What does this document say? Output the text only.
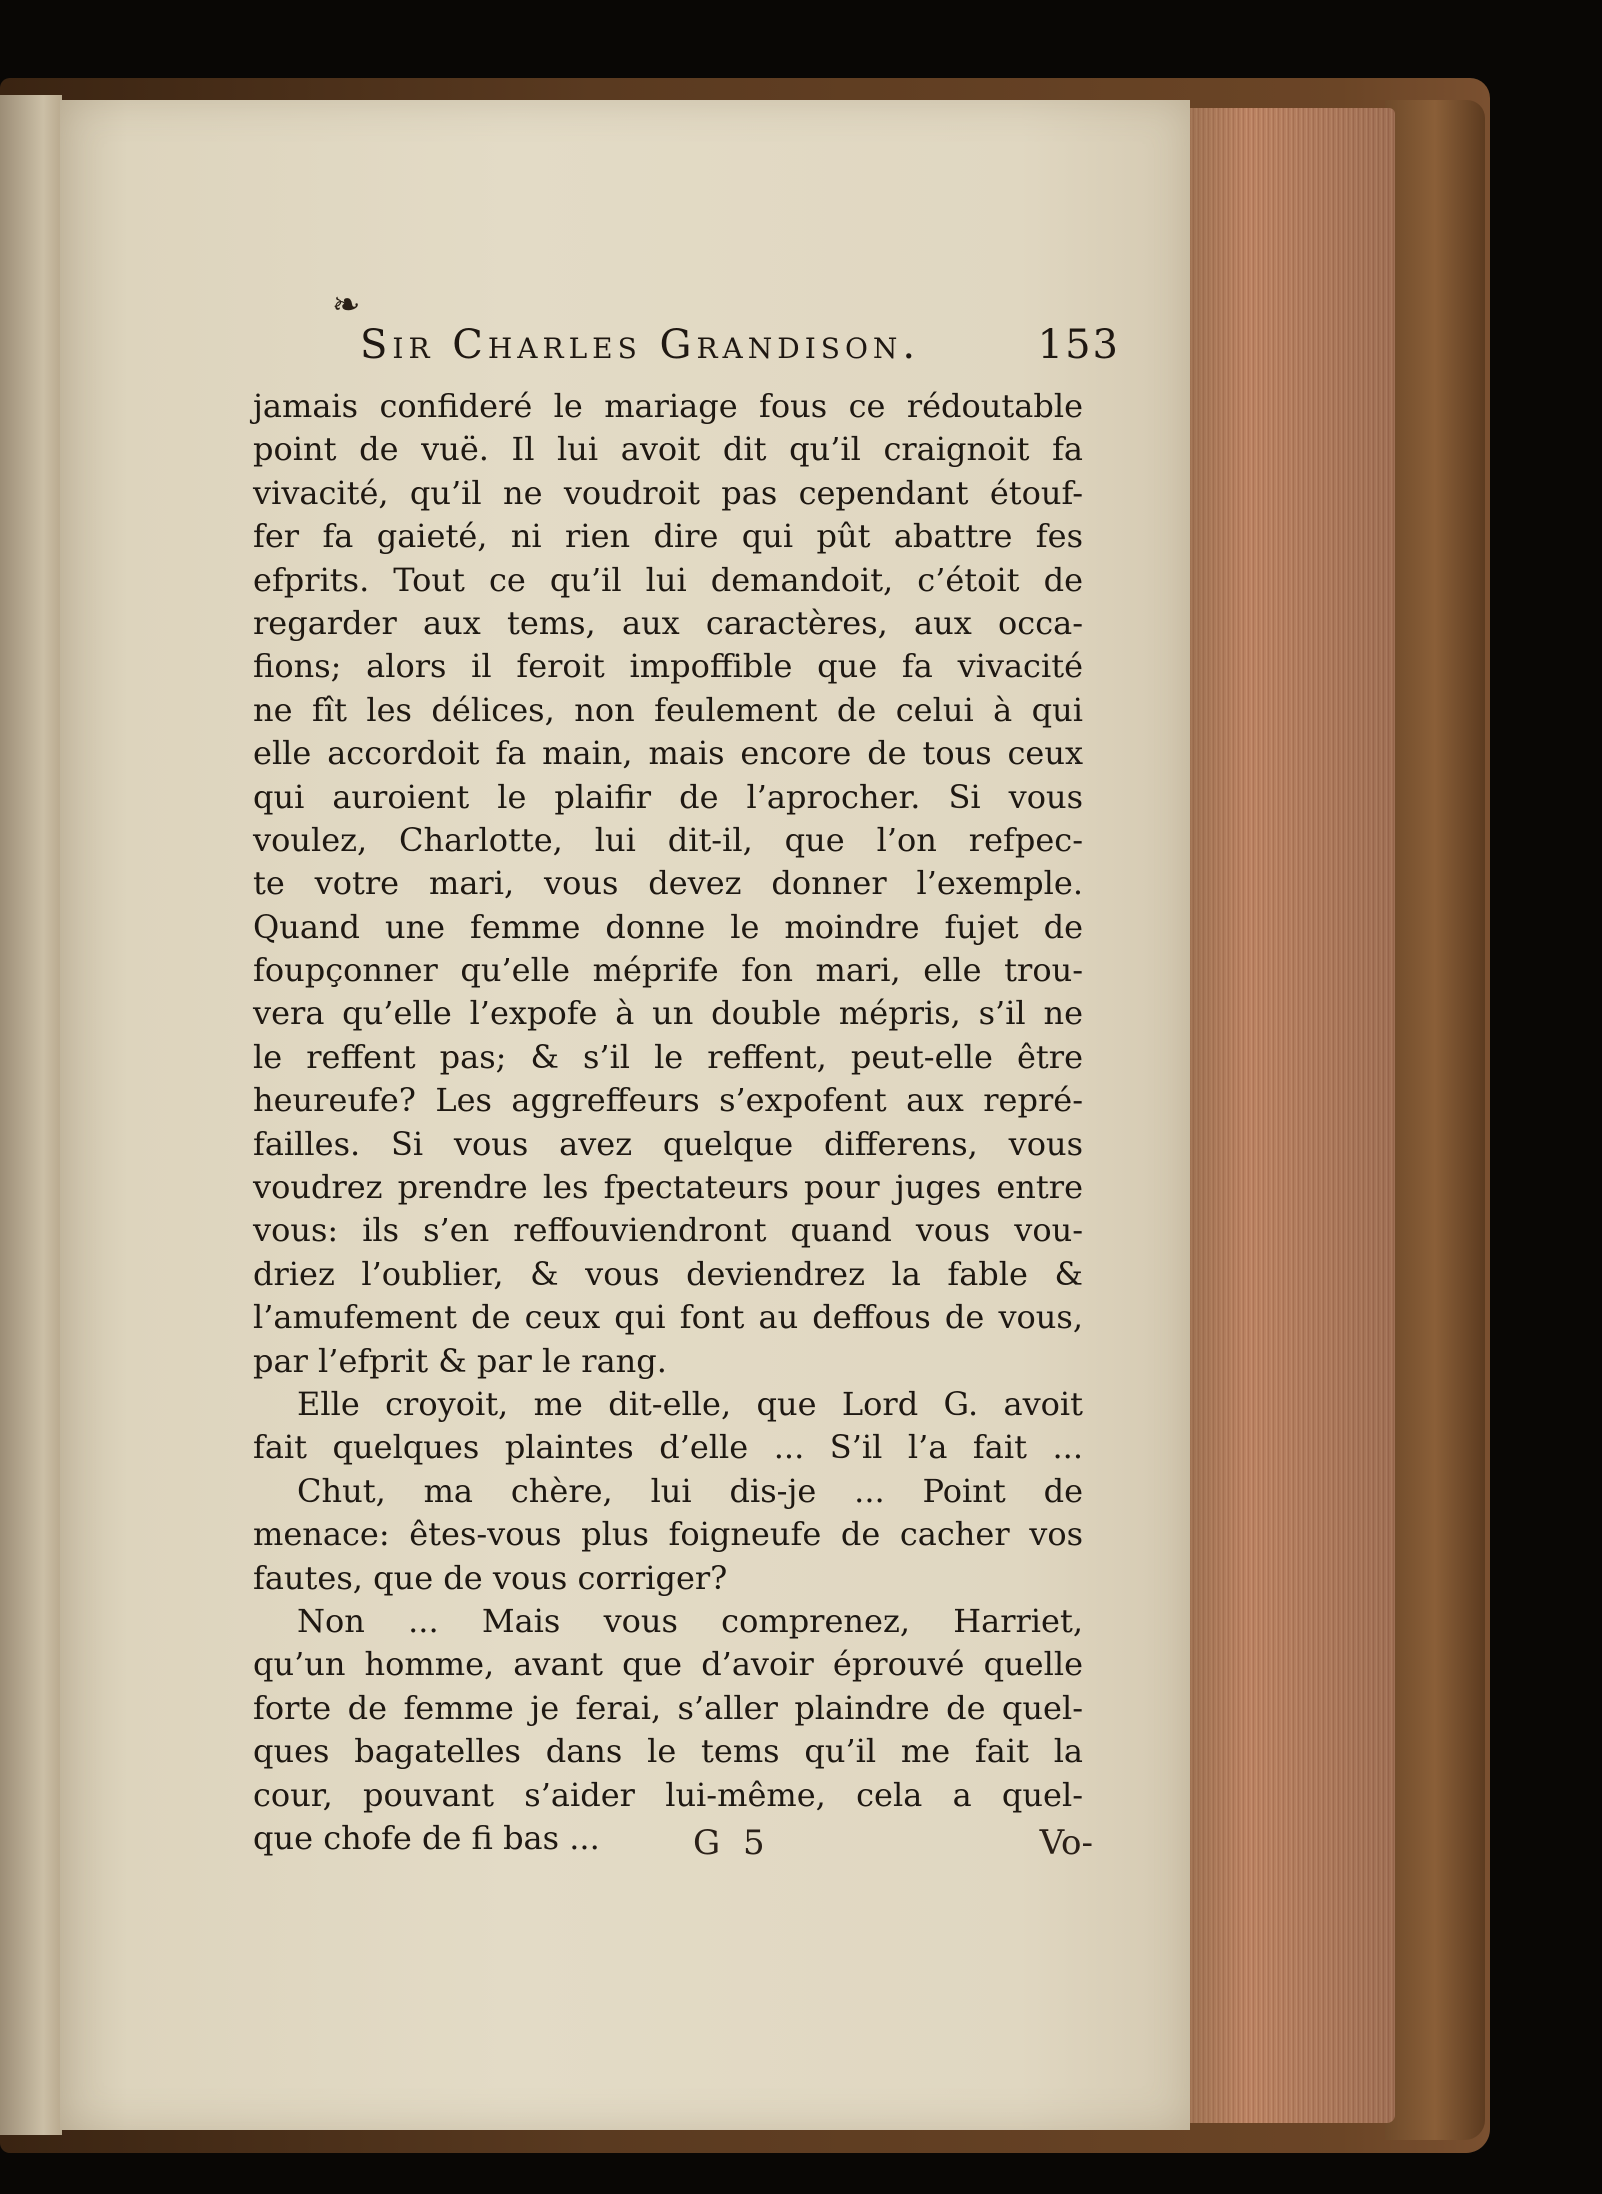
❧
Sir Charles Grandison.	153
jamais confideré le mariage fous ce rédoutable
point de vuë. Il lui avoit dit qu’il craignoit fa
vivacité, qu’il ne voudroit pas cependant étouf-
fer fa gaieté, ni rien dire qui pût abattre fes
efprits. Tout ce qu’il lui demandoit, c’étoit de
regarder aux tems, aux caractères, aux occa-
fions; alors il feroit impoffible que fa vivacité
ne fît les délices, non feulement de celui à qui
elle accordoit fa main, mais encore de tous ceux
qui auroient le plaifir de l’aprocher. Si vous
voulez, Charlotte, lui dit-il, que l’on refpec-
te votre mari, vous devez donner l’exemple.
Quand une femme donne le moindre fujet de
foupçonner qu’elle méprife fon mari, elle trou-
vera qu’elle l’expofe à un double mépris, s’il ne
le reffent pas; & s’il le reffent, peut-elle être
heureufe? Les aggreffeurs s’expofent aux repré-
failles. Si vous avez quelque differens, vous
voudrez prendre les fpectateurs pour juges entre
vous: ils s’en reffouviendront quand vous vou-
driez l’oublier, & vous deviendrez la fable &
l’amufement de ceux qui font au deffous de vous,
par l’efprit & par le rang.
Elle croyoit, me dit-elle, que Lord G. avoit
fait quelques plaintes d’elle ... S’il l’a fait ...
Chut, ma chère, lui dis-je ... Point de
menace: êtes-vous plus foigneufe de cacher vos
fautes, que de vous corriger?
Non ... Mais vous comprenez, Harriet,
qu’un homme, avant que d’avoir éprouvé quelle
forte de femme je ferai, s’aller plaindre de quel-
ques bagatelles dans le tems qu’il me fait la
cour, pouvant s’aider lui-même, cela a quel-
que chofe de fi bas ...	G 5	Vo-
